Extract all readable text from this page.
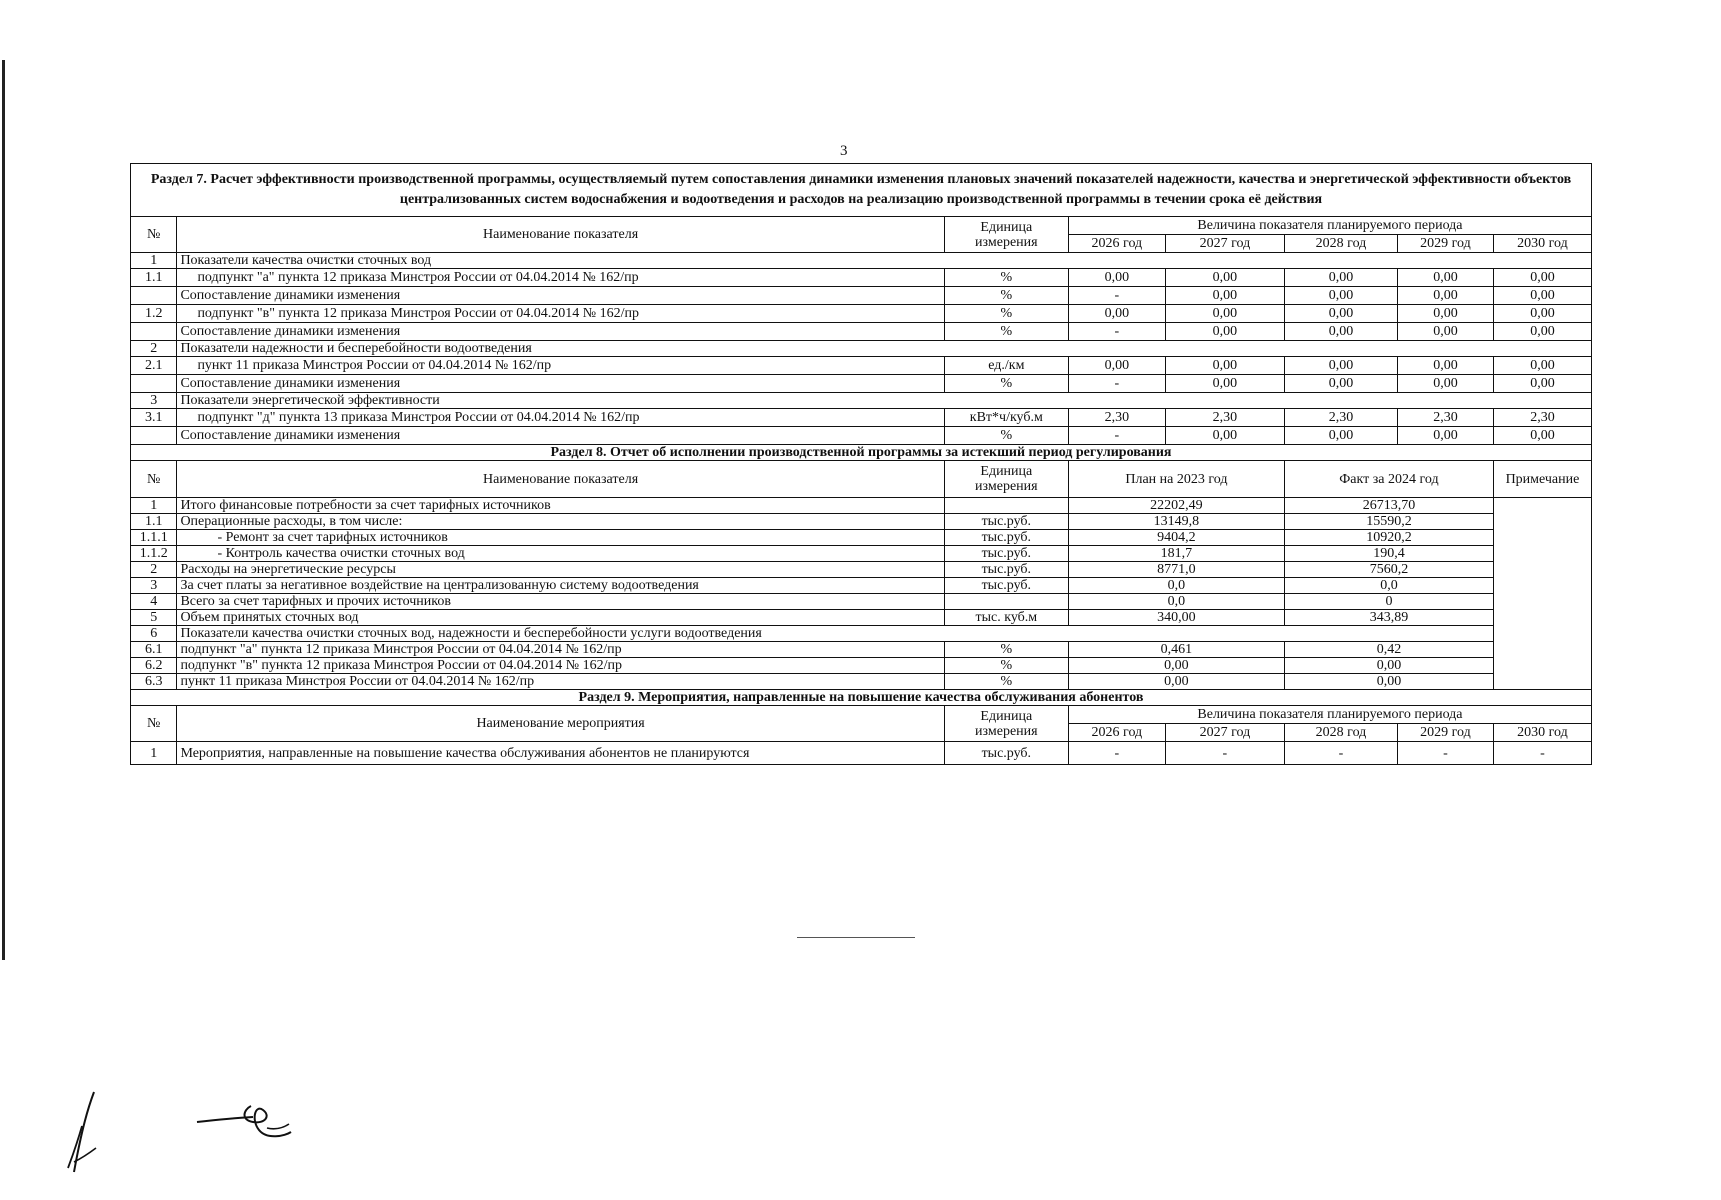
3
Раздел 7. Расчет эффективности производственной программы, осуществляемый путем сопоставления динамики изменения плановых значений показателей надежности, качества и энергетической эффективности объектов централизованных систем водоснабжения и водоотведения и расходов на реализацию производственной программы в течении срока её действия							
№	Наименование показателя	Единица измерения	Величина показателя планируемого периода				
			2026 год	2027 год	2028 год	2029 год	2030 год
1	Показатели качества очистки сточных вод						
1.1	подпункт "а" пункта 12 приказа Минстроя России от 04.04.2014 № 162/пр	%	0,00	0,00	0,00	0,00	0,00
	Сопоставление динамики изменения	%	-	0,00	0,00	0,00	0,00
1.2	подпункт "в" пункта 12 приказа Минстроя России от 04.04.2014 № 162/пр	%	0,00	0,00	0,00	0,00	0,00
	Сопоставление динамики изменения	%	-	0,00	0,00	0,00	0,00
2	Показатели надежности и бесперебойности водоотведения						
2.1	пункт 11 приказа Минстроя России от 04.04.2014 № 162/пр	ед./км	0,00	0,00	0,00	0,00	0,00
	Сопоставление динамики изменения	%	-	0,00	0,00	0,00	0,00
3	Показатели энергетической эффективности						
3.1	подпункт "д" пункта 13 приказа Минстроя России от 04.04.2014 № 162/пр	кВт*ч/куб.м	2,30	2,30	2,30	2,30	2,30
	Сопоставление динамики изменения	%	-	0,00	0,00	0,00	0,00
Раздел 8. Отчет об исполнении производственной программы за истекший период регулирования							
№	Наименование показателя	Единица измерения	План на 2023 год		Факт за 2024 год		Примечание
1	Итого финансовые потребности за счет тарифных источников		22202,49		26713,70		
1.1	Операционные расходы, в том числе:	тыс.руб.	13149,8		15590,2		
1.1.1	- Ремонт за счет тарифных источников	тыс.руб.	9404,2		10920,2		
1.1.2	- Контроль качества очистки сточных вод	тыс.руб.	181,7		190,4		
2	Расходы на энергетические ресурсы	тыс.руб.	8771,0		7560,2		
3	За счет платы за негативное воздействие на централизованную систему водоотведения	тыс.руб.	0,0		0,0		
4	Всего за счет тарифных и прочих источников		0,0		0		
5	Объем принятых сточных вод	тыс. куб.м	340,00		343,89		
6	Показатели качества очистки сточных вод, надежности и бесперебойности услуги водоотведения						
6.1	подпункт "а" пункта 12 приказа Минстроя России от 04.04.2014 № 162/пр	%	0,461		0,42		
6.2	подпункт "в" пункта 12 приказа Минстроя России от 04.04.2014 № 162/пр	%	0,00		0,00		
6.3	пункт 11 приказа Минстроя России от 04.04.2014 № 162/пр	%	0,00		0,00		
Раздел 9. Мероприятия, направленные на повышение качества обслуживания абонентов							
№	Наименование мероприятия	Единица измерения	Величина показателя планируемого периода				
			2026 год	2027 год	2028 год	2029 год	2030 год
1	Мероприятия, направленные на повышение качества обслуживания абонентов не планируются	тыс.руб.	-	-	-	-	-
